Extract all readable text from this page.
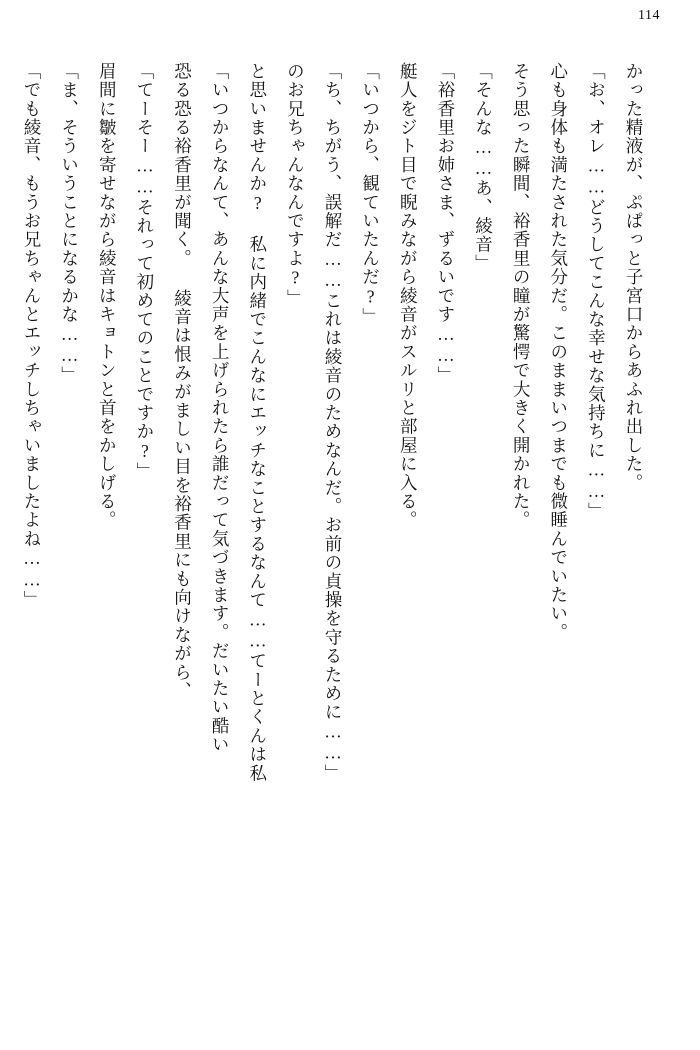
114

かった精液が、ぷぱっと子宮口からあふれ出した。

「お、オレ……どうしてこんな幸せな気持ちに……」

心も身体も満たされた気分だ。このままいつまでも微睡んでいたい。

そう思った瞬間、裕香里の瞳が驚愕で大きく開かれた。

「そんな……あ、綾音」

「裕香里お姉さま、ずるいです……」

艇人をジト目で睨みながら綾音がスルリと部屋に入る。

「いつから、観ていたんだ?」

「ち、ちがう、誤解だ……これは綾音のためなんだ。お前の貞操を守るために……」

のお兄ちゃんなんですよ?」

と思いませんか? 私に内緒でこんなにエッチなことするなんて……てーとくんは私

「いつからなんて、あんな大声を上げられたら誰だって気づきます。だいたい酷い

恐る恐る裕香里が聞く。 綾音は恨みがましい目を裕香里にも向けながら、

「てーそー……それって初めてのことですか?」

眉間に皺を寄せながら綾音はキョトンと首をかしげる。

「ま、そういうことになるかな……」

「でも綾音、もうお兄ちゃんとエッチしちゃいましたよね……」
